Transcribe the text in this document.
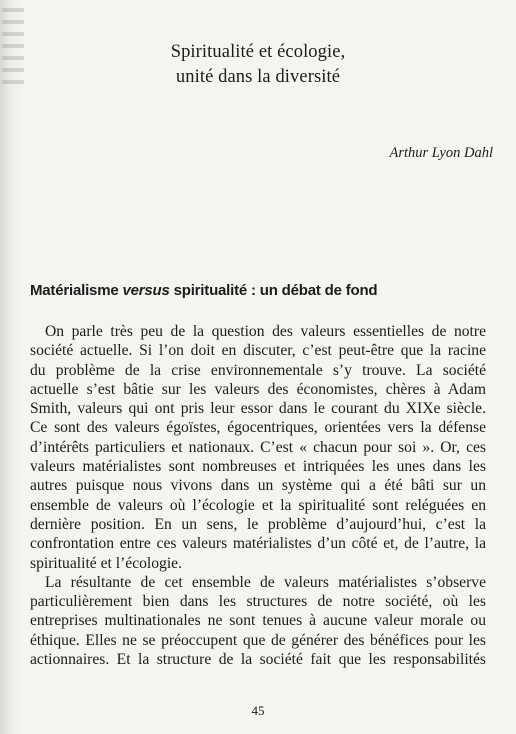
Spiritualité et écologie,
unité dans la diversité
Arthur Lyon Dahl
Matérialisme versus spiritualité : un débat de fond
On parle très peu de la question des valeurs essentielles de notre
société actuelle. Si l’on doit en discuter, c’est peut-être que la racine
du problème de la crise environnementale s’y trouve. La société
actuelle s’est bâtie sur les valeurs des économistes, chères à Adam
Smith, valeurs qui ont pris leur essor dans le courant du XIXe siècle.
Ce sont des valeurs égoïstes, égocentriques, orientées vers la défense
d’intérêts particuliers et nationaux. C’est « chacun pour soi ». Or, ces
valeurs matérialistes sont nombreuses et intriquées les unes dans les
autres puisque nous vivons dans un système qui a été bâti sur un
ensemble de valeurs où l’écologie et la spiritualité sont reléguées en
dernière position. En un sens, le problème d’aujourd’hui, c’est la
confrontation entre ces valeurs matérialistes d’un côté et, de l’autre, la
spiritualité et l’écologie.
La résultante de cet ensemble de valeurs matérialistes s’observe
particulièrement bien dans les structures de notre société, où les
entreprises multinationales ne sont tenues à aucune valeur morale ou
éthique. Elles ne se préoccupent que de générer des bénéfices pour les
actionnaires. Et la structure de la société fait que les responsabilités
45
